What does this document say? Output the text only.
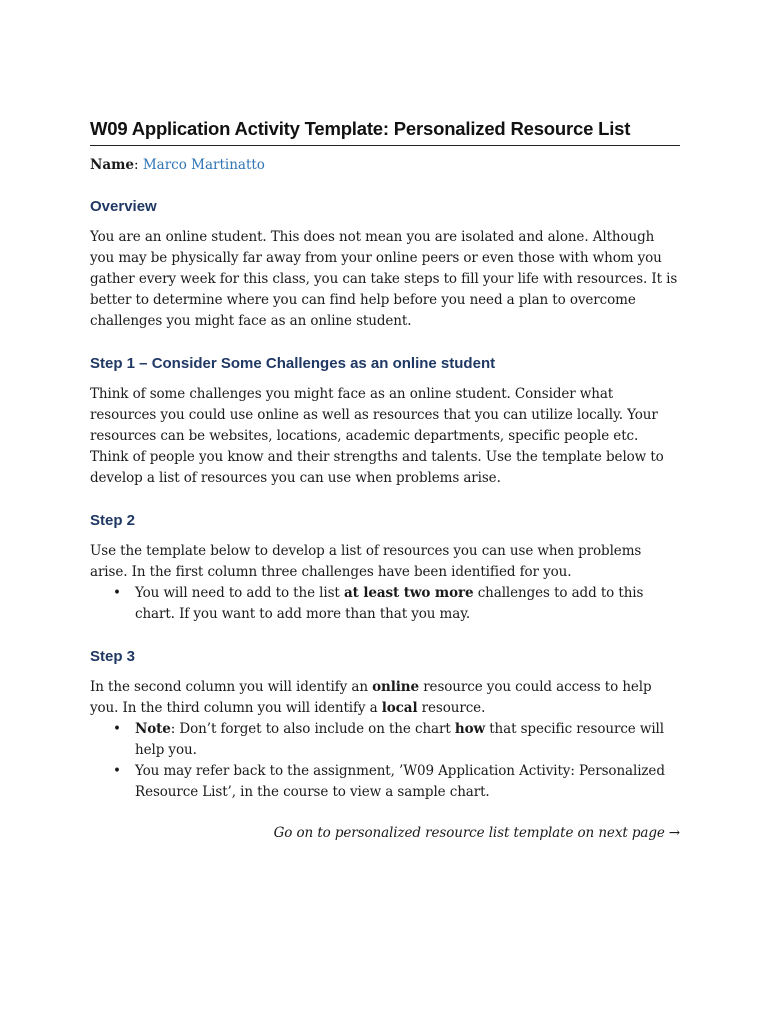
W09 Application Activity Template: Personalized Resource List
Name: Marco Martinatto
Overview

You are an online student. This does not mean you are isolated and alone. Although you may be physically far away from your online peers or even those with whom you gather every week for this class, you can take steps to fill your life with resources. It is better to determine where you can find help before you need a plan to overcome challenges you might face as an online student.

Step 1 – Consider Some Challenges as an online student

Think of some challenges you might face as an online student. Consider what resources you could use online as well as resources that you can utilize locally. Your resources can be websites, locations, academic departments, specific people etc. Think of people you know and their strengths and talents. Use the template below to develop a list of resources you can use when problems arise.

Step 2

Use the template below to develop a list of resources you can use when problems arise. In the first column three challenges have been identified for you.

• You will need to add to the list at least two more challenges to add to this chart. If you want to add more than that you may.
Step 3

In the second column you will identify an online resource you could access to help you. In the third column you will identify a local resource.

• Note: Don’t forget to also include on the chart how that specific resource will help you.
• You may refer back to the assignment, ’W09 Application Activity: Personalized Resource List’, in the course to view a sample chart.

Go on to personalized resource list template on next page →
